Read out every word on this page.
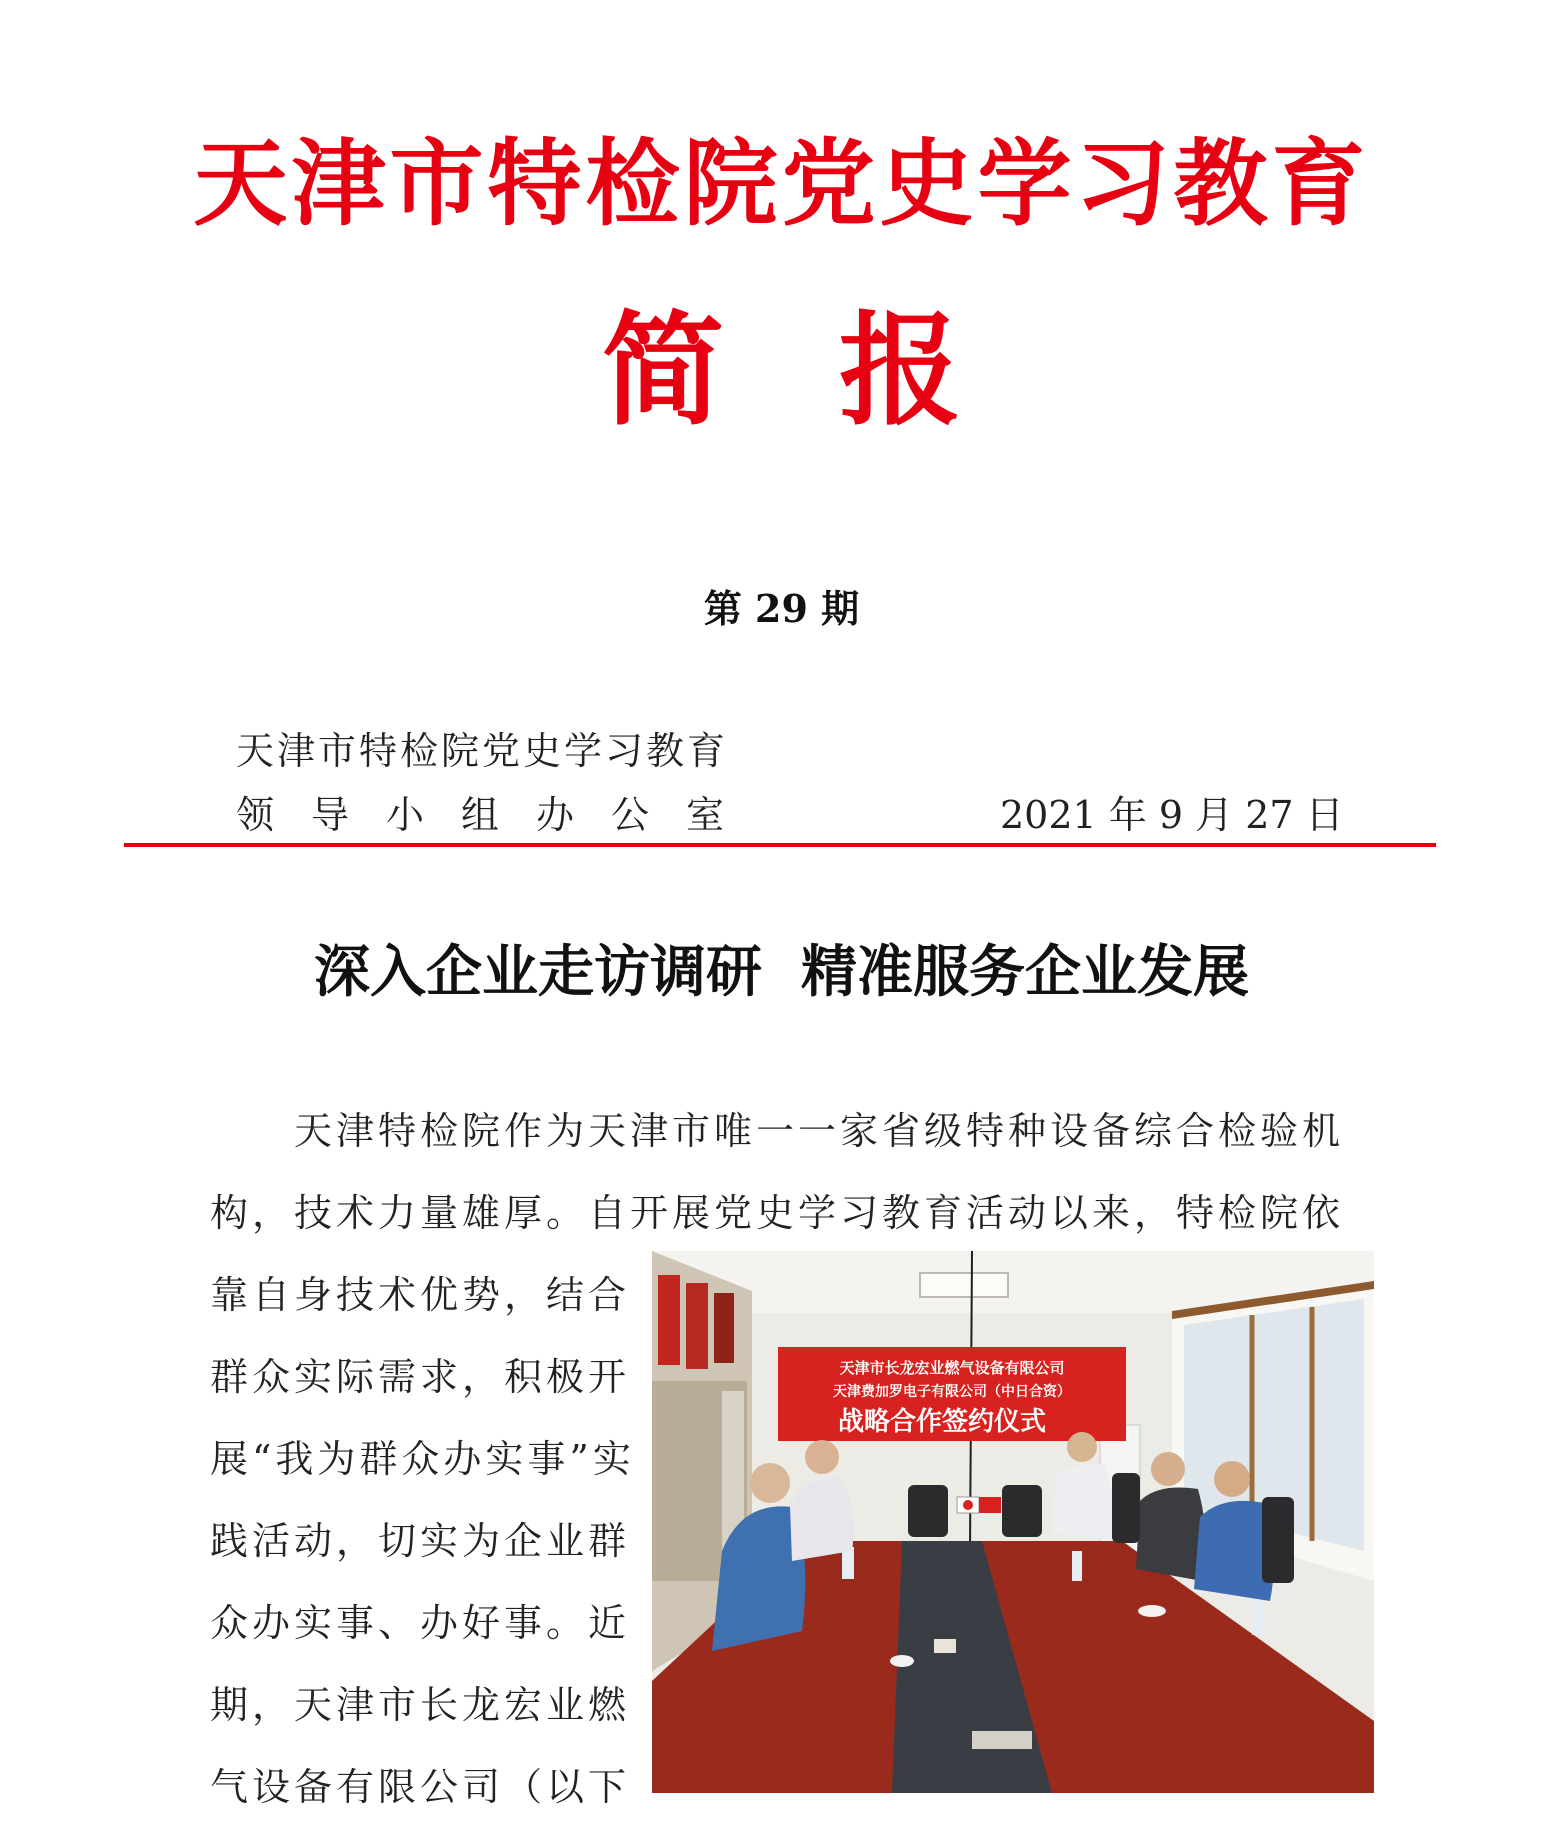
天津市特检院党史学习教育
简 报
第 29 期
天津市特检院党史学习教育
领导小组办公室	2021 年 9 月 27 日
深入企业走访调研  精准服务企业发展
天津特检院作为天津市唯一一家省级特种设备综合检验机
构，技术力量雄厚。自开展党史学习教育活动以来，特检院依
靠自身技术优势，结合
群众实际需求，积极开
展“我为群众办实事”实
践活动，切实为企业群
众办实事、办好事。近
期，天津市长龙宏业燃
气设备有限公司（以下
天津市长龙宏业燃气设备有限公司
天津费加罗电子有限公司（中日合资）
战略合作签约仪式
